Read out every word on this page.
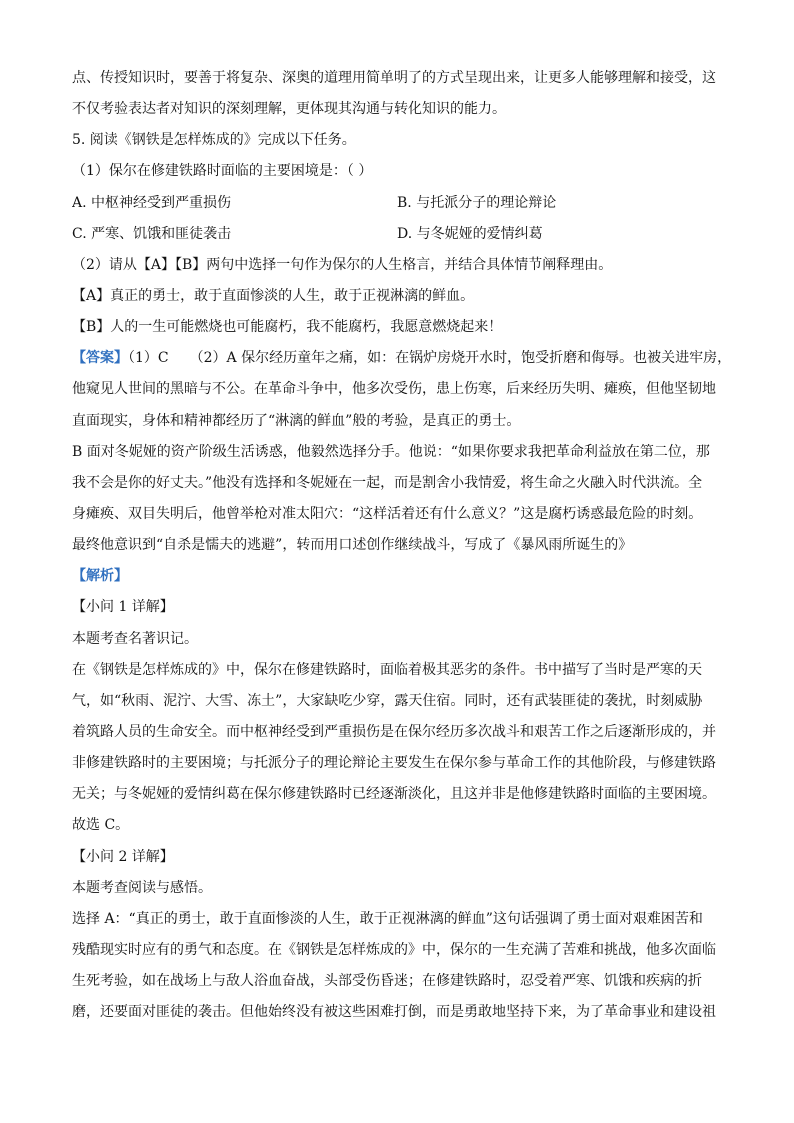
点、传授知识时，要善于将复杂、深奥的道理用简单明了的方式呈现出来，让更多人能够理解和接受，这
不仅考验表达者对知识的深刻理解，更体现其沟通与转化知识的能力。
5. 阅读《钢铁是怎样炼成的》完成以下任务。
（1）保尔在修建铁路时面临的主要困境是：（ ）
A. 中枢神经受到严重损伤	B. 与托派分子的理论辩论
C. 严寒、饥饿和匪徒袭击	D. 与冬妮娅的爱情纠葛
（2）请从【A】【B】两句中选择一句作为保尔的人生格言，并结合具体情节阐释理由。
【A】真正的勇士，敢于直面惨淡的人生，敢于正视淋漓的鲜血。
【B】人的一生可能燃烧也可能腐朽，我不能腐朽，我愿意燃烧起来！
【答案】（1）C　　（2）A 保尔经历童年之痛，如：在锅炉房烧开水时，饱受折磨和侮辱。也被关进牢房，
他窥见人世间的黑暗与不公。在革命斗争中，他多次受伤，患上伤寒，后来经历失明、瘫痪，但他坚韧地
直面现实，身体和精神都经历了“淋漓的鲜血”般的考验，是真正的勇士。
B 面对冬妮娅的资产阶级生活诱惑，他毅然选择分手。他说：“如果你要求我把革命利益放在第二位，那
我不会是你的好丈夫。”他没有选择和冬妮娅在一起，而是割舍小我情爱，将生命之火融入时代洪流。全
身瘫痪、双目失明后，他曾举枪对准太阳穴：“这样活着还有什么意义？”这是腐朽诱惑最危险的时刻。
最终他意识到“自杀是懦夫的逃避”，转而用口述创作继续战斗，写成了《暴风雨所诞生的》
【解析】
【小问 1 详解】
本题考查名著识记。
在《钢铁是怎样炼成的》中，保尔在修建铁路时，面临着极其恶劣的条件。书中描写了当时是严寒的天
气，如“秋雨、泥泞、大雪、冻土”，大家缺吃少穿，露天住宿。同时，还有武装匪徒的袭扰，时刻威胁
着筑路人员的生命安全。而中枢神经受到严重损伤是在保尔经历多次战斗和艰苦工作之后逐渐形成的，并
非修建铁路时的主要困境；与托派分子的理论辩论主要发生在保尔参与革命工作的其他阶段，与修建铁路
无关；与冬妮娅的爱情纠葛在保尔修建铁路时已经逐渐淡化，且这并非是他修建铁路时面临的主要困境。
故选 C。
【小问 2 详解】
本题考查阅读与感悟。
选择 A：“真正的勇士，敢于直面惨淡的人生，敢于正视淋漓的鲜血”这句话强调了勇士面对艰难困苦和
残酷现实时应有的勇气和态度。在《钢铁是怎样炼成的》中，保尔的一生充满了苦难和挑战，他多次面临
生死考验，如在战场上与敌人浴血奋战，头部受伤昏迷；在修建铁路时，忍受着严寒、饥饿和疾病的折
磨，还要面对匪徒的袭击。但他始终没有被这些困难打倒，而是勇敢地坚持下来，为了革命事业和建设祖
